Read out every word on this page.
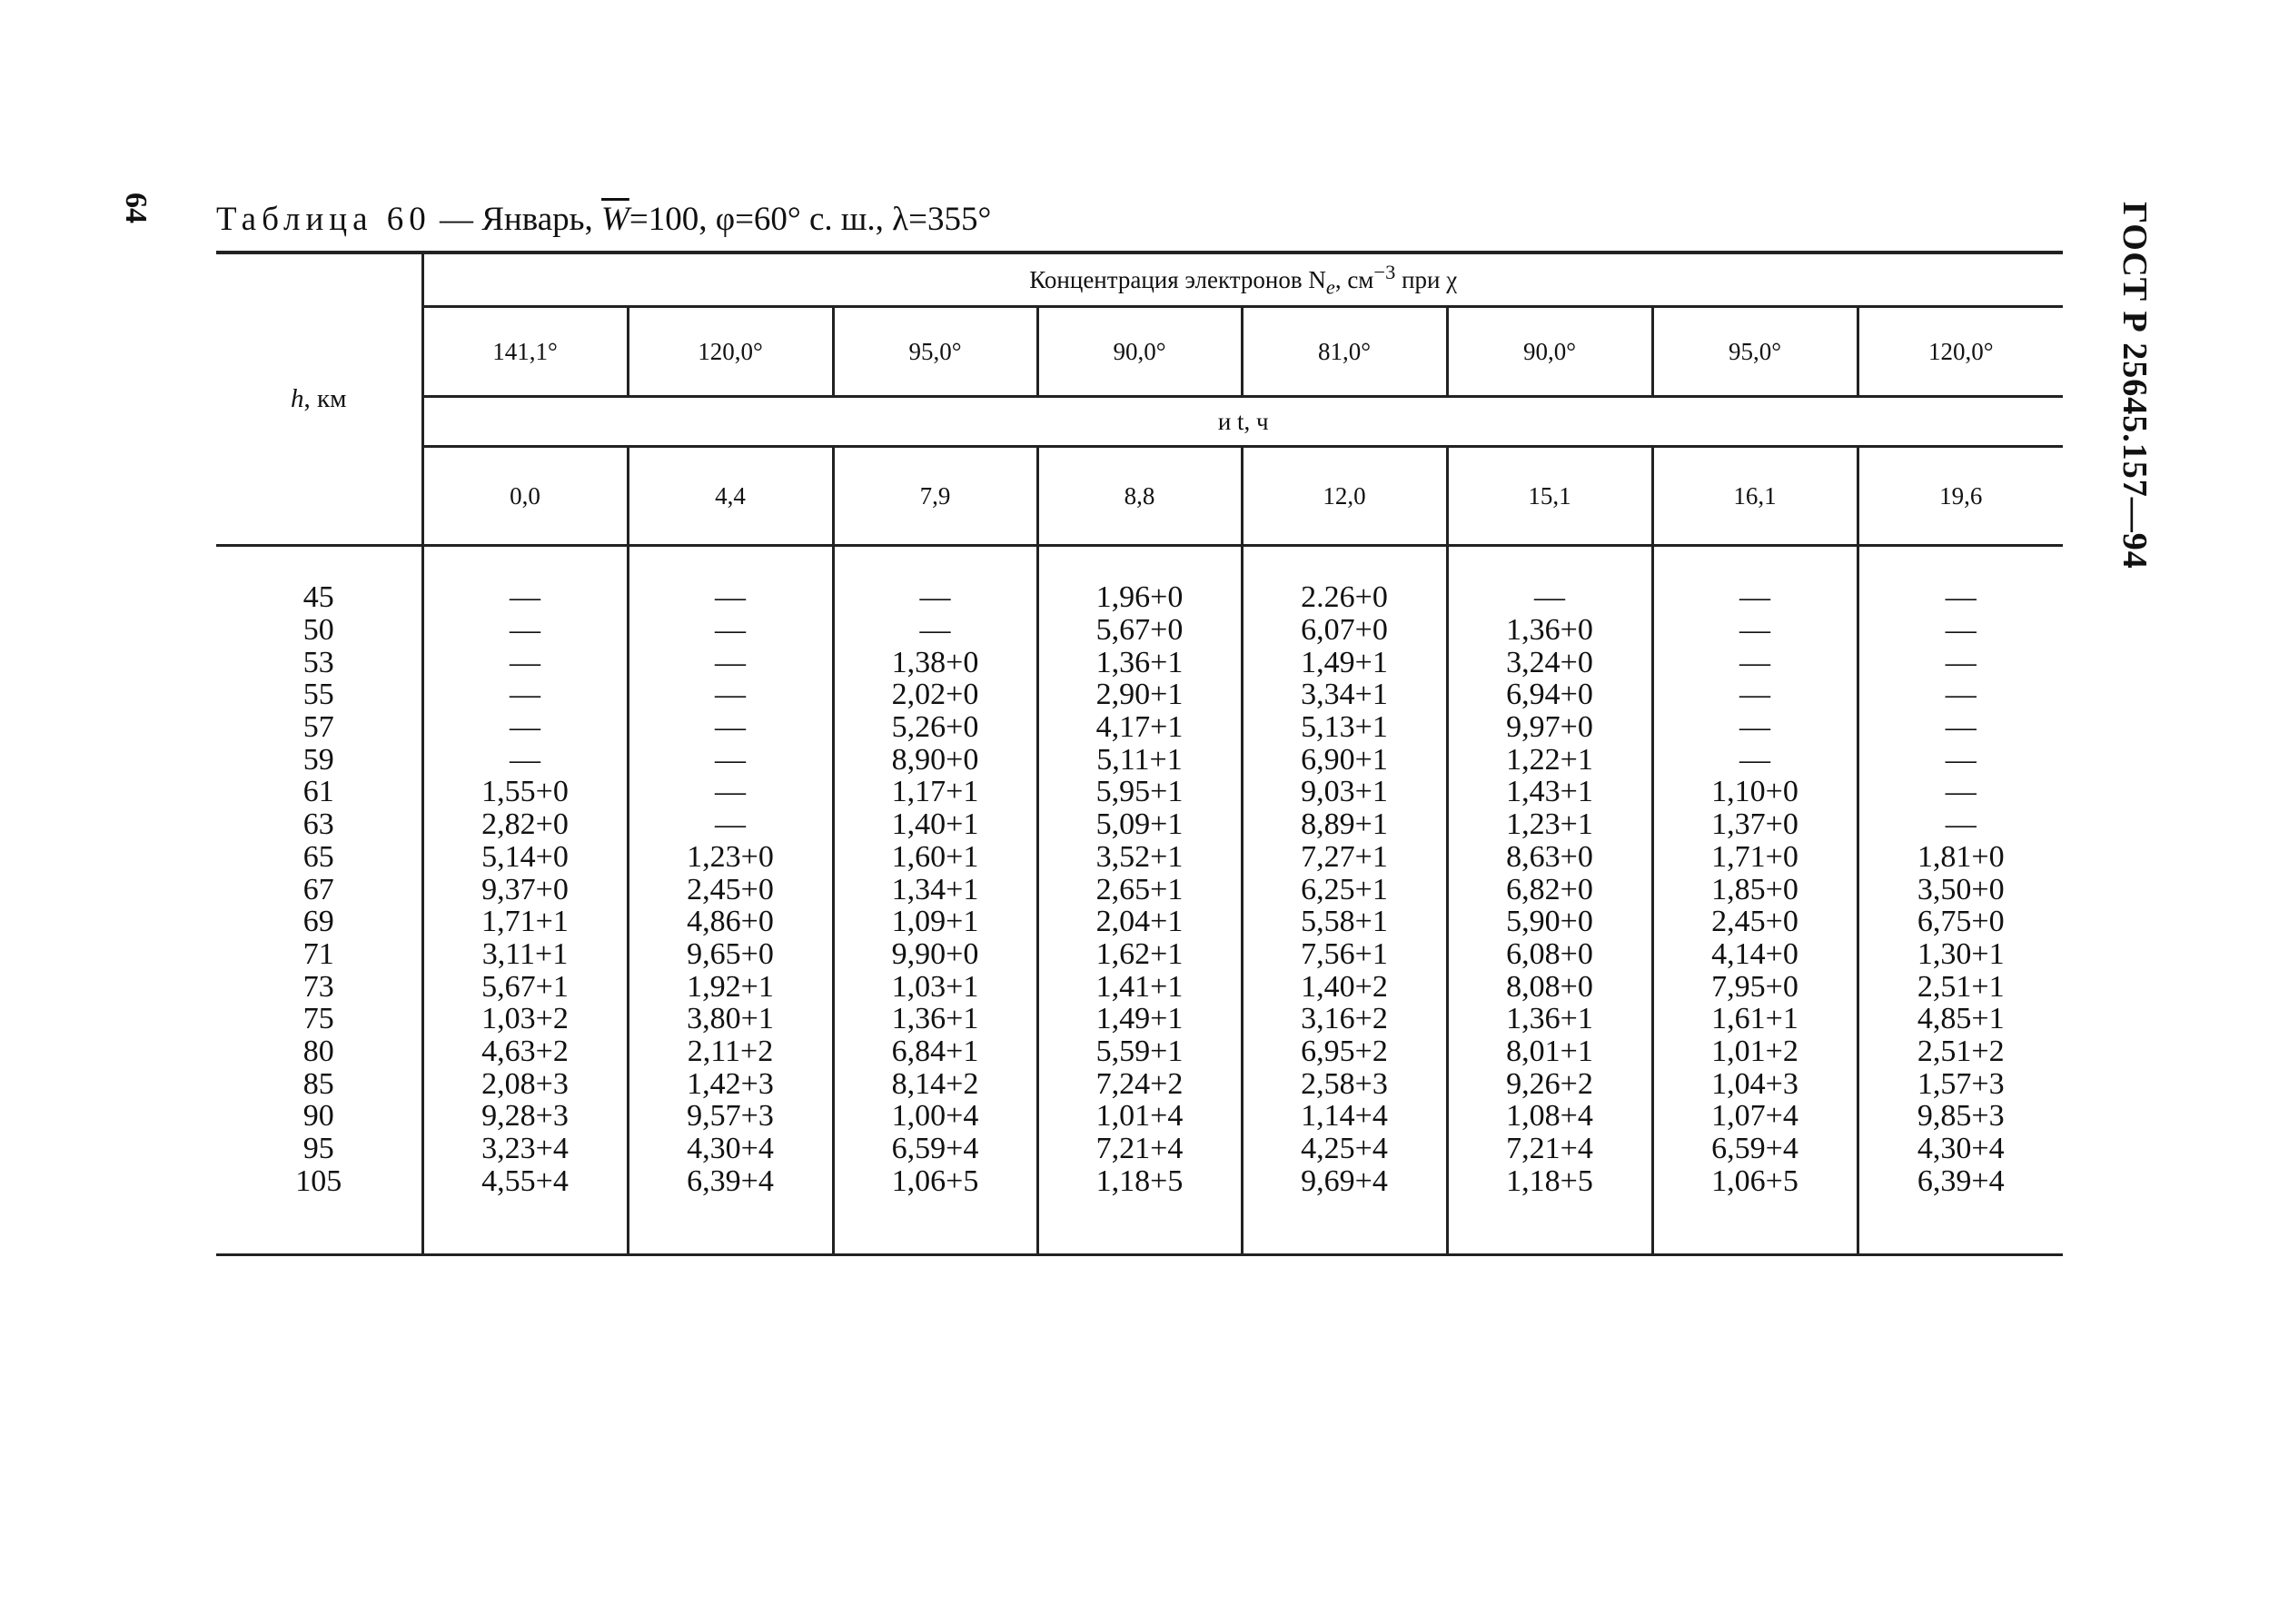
64	ГОСТ Р 25645.157—94
Таблица 60 — Январь, $\overline{W}=100$, φ=60° с. ш., λ=355°
h, км	Концентрация электронов $N_e$, $см^{-3}$ при χ							
	141,1°	120,0°	95,0°	90,0°	81,0°	90,0°	95,0°	120,0°
	и t, ч							
	0,0	4,4	7,9	8,8	12,0	15,1	16,1	19,6

45	—	—	—	1,96+0	2.26+0	—	—	—
50	—	—	—	5,67+0	6,07+0	1,36+0	—	—
53	—	—	1,38+0	1,36+1	1,49+1	3,24+0	—	—
55	—	—	2,02+0	2,90+1	3,34+1	6,94+0	—	—
57	—	—	5,26+0	4,17+1	5,13+1	9,97+0	—	—
59	—	—	8,90+0	5,11+1	6,90+1	1,22+1	—	—
61	1,55+0	—	1,17+1	5,95+1	9,03+1	1,43+1	1,10+0	—
63	2,82+0	—	1,40+1	5,09+1	8,89+1	1,23+1	1,37+0	—
65	5,14+0	1,23+0	1,60+1	3,52+1	7,27+1	8,63+0	1,71+0	1,81+0
67	9,37+0	2,45+0	1,34+1	2,65+1	6,25+1	6,82+0	1,85+0	3,50+0
69	1,71+1	4,86+0	1,09+1	2,04+1	5,58+1	5,90+0	2,45+0	6,75+0
71	3,11+1	9,65+0	9,90+0	1,62+1	7,56+1	6,08+0	4,14+0	1,30+1
73	5,67+1	1,92+1	1,03+1	1,41+1	1,40+2	8,08+0	7,95+0	2,51+1
75	1,03+2	3,80+1	1,36+1	1,49+1	3,16+2	1,36+1	1,61+1	4,85+1
80	4,63+2	2,11+2	6,84+1	5,59+1	6,95+2	8,01+1	1,01+2	2,51+2
85	2,08+3	1,42+3	8,14+2	7,24+2	2,58+3	9,26+2	1,04+3	1,57+3
90	9,28+3	9,57+3	1,00+4	1,01+4	1,14+4	1,08+4	1,07+4	9,85+3
95	3,23+4	4,30+4	6,59+4	7,21+4	4,25+4	7,21+4	6,59+4	4,30+4
105	4,55+4	6,39+4	1,06+5	1,18+5	9,69+4	1,18+5	1,06+5	6,39+4
